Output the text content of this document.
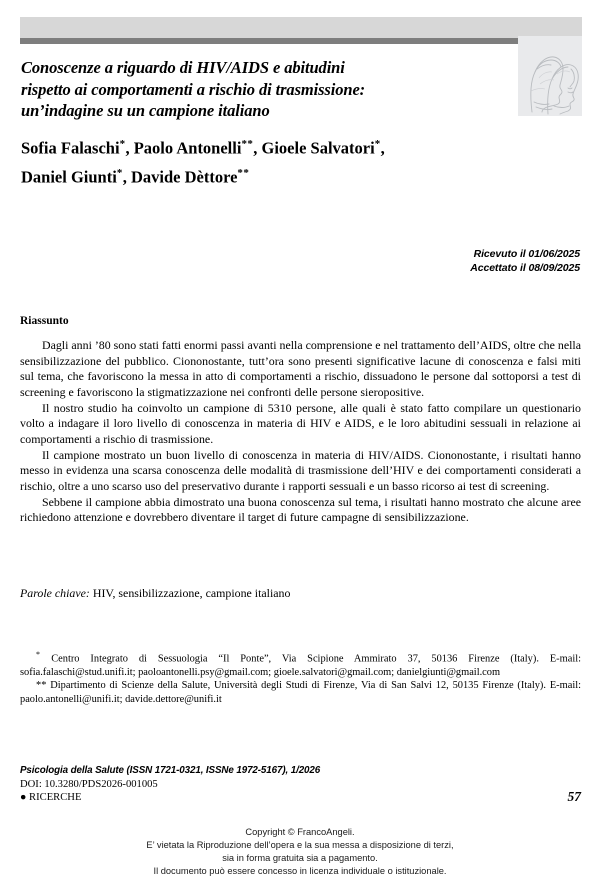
Conoscenze a riguardo di HIV/AIDS e abitudini
rispetto ai comportamenti a rischio di trasmissione:
un’indagine su un campione italiano
Sofia Falaschi*, Paolo Antonelli**, Gioele Salvatori*,
Daniel Giunti*, Davide Dèttore**
Ricevuto il 01/06/2025
Accettato il 08/09/2025
Riassunto

Dagli anni ’80 sono stati fatti enormi passi avanti nella comprensione e nel trattamento dell’AIDS, oltre che nella sensibilizzazione del pubblico. Ciononostante, tutt’ora sono presenti significative lacune di conoscenza e falsi miti sul tema, che favoriscono la messa in atto di comportamenti a rischio, dissuadono le persone dal sottoporsi a test di screening e favoriscono la stigmatizzazione nei confronti delle persone sieropositive.

Il nostro studio ha coinvolto un campione di 5310 persone, alle quali è stato fatto compilare un questionario volto a indagare il loro livello di conoscenza in materia di HIV e AIDS, e le loro abitudini sessuali in relazione ai comportamenti a rischio di trasmissione.

Il campione mostrato un buon livello di conoscenza in materia di HIV/AIDS. Ciononostante, i risultati hanno messo in evidenza una scarsa conoscenza delle modalità di trasmissione dell’HIV e dei comportamenti considerati a rischio, oltre a uno scarso uso del preservativo durante i rapporti sessuali e un basso ricorso ai test di screening.

Sebbene il campione abbia dimostrato una buona conoscenza sul tema, i risultati hanno mostrato che alcune aree richiedono attenzione e dovrebbero diventare il target di future campagne di sensibilizzazione.

Parole chiave: HIV, sensibilizzazione, campione italiano

* Centro Integrato di Sessuologia “Il Ponte”, Via Scipione Ammirato 37, 50136 Firenze (Italy). E-mail: sofia.falaschi@stud.unifi.it; paoloantonelli.psy@gmail.com; gioele.salvatori@gmail.com; danielgiunti@gmail.com

** Dipartimento di Scienze della Salute, Università degli Studi di Firenze, Via di San Salvi 12, 50135 Firenze (Italy). E-mail: paolo.antonelli@unifi.it; davide.dettore@unifi.it

Psicologia della Salute (ISSN 1721-0321, ISSNe 1972-5167), 1/2026
DOI: 10.3280/PDS2026-001005
● RICERCHE	57
Copyright © FrancoAngeli.
E’ vietata la Riproduzione dell’opera e la sua messa a disposizione di terzi,
sia in forma gratuita sia a pagamento.
Il documento può essere concesso in licenza individuale o istituzionale.
